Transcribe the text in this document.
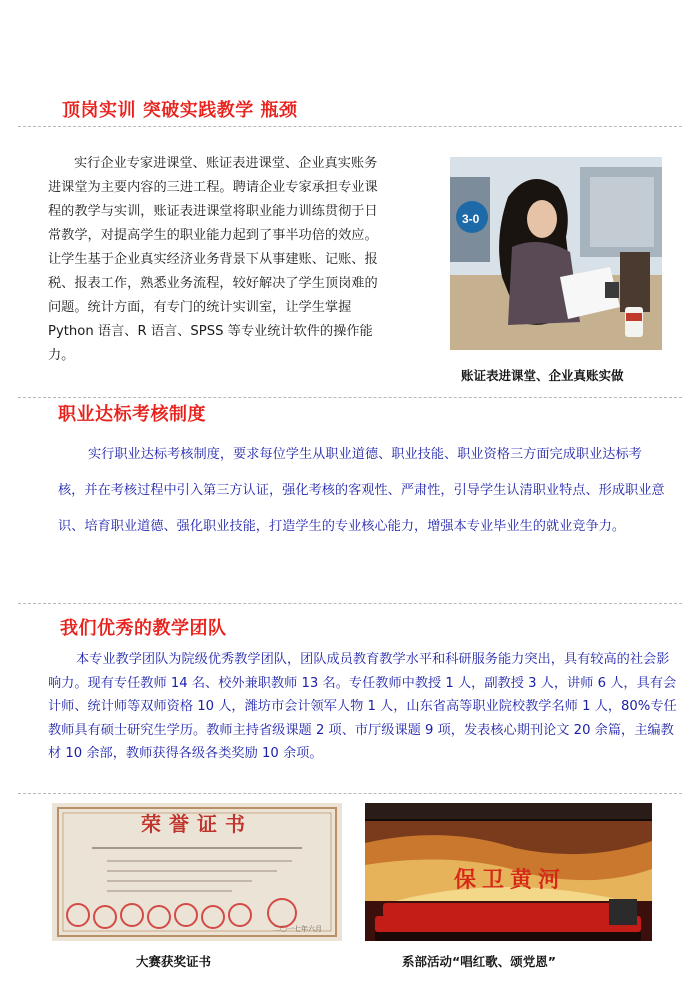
顶岗实训 突破实践教学 瓶颈
实行企业专家进课堂、账证表进课堂、企业真实账务进课堂为主要内容的三进工程。聘请企业专家承担专业课程的教学与实训，账证表进课堂将职业能力训练贯彻于日常教学，对提高学生的职业能力起到了事半功倍的效应。让学生基于企业真实经济业务背景下从事建账、记账、报税、报表工作，熟悉业务流程，较好解决了学生顶岗难的问题。统计方面，有专门的统计实训室，让学生掌握 Python 语言、R 语言、SPSS 等专业统计软件的操作能力。
3-0
账证表进课堂、企业真账实做
职业达标考核制度
实行职业达标考核制度，要求每位学生从职业道德、职业技能、职业资格三方面完成职业达标考核，并在考核过程中引入第三方认证，强化考核的客观性、严肃性，引导学生认清职业特点、形成职业意识、培育职业道德、强化职业技能，打造学生的专业核心能力，增强本专业毕业生的就业竞争力。
我们优秀的教学团队
本专业教学团队为院级优秀教学团队，团队成员教育教学水平和科研服务能力突出，具有较高的社会影响力。现有专任教师 14 名、校外兼职教师 13 名。专任教师中教授 1 人，副教授 3 人，讲师 6 人，具有会计师、统计师等双师资格 10 人，潍坊市会计领军人物 1 人，山东省高等职业院校教学名师 1 人，80%专任教师具有硕士研究生学历。教师主持省级课题 2 项、市厅级课题 9 项，发表核心期刊论文 20 余篇，主编教材 10 余部，教师获得各级各类奖励 10 余项。
荣誉证书
二〇一七年六月
大赛获奖证书
保卫黄河
系部活动“唱红歌、颂党恩”
